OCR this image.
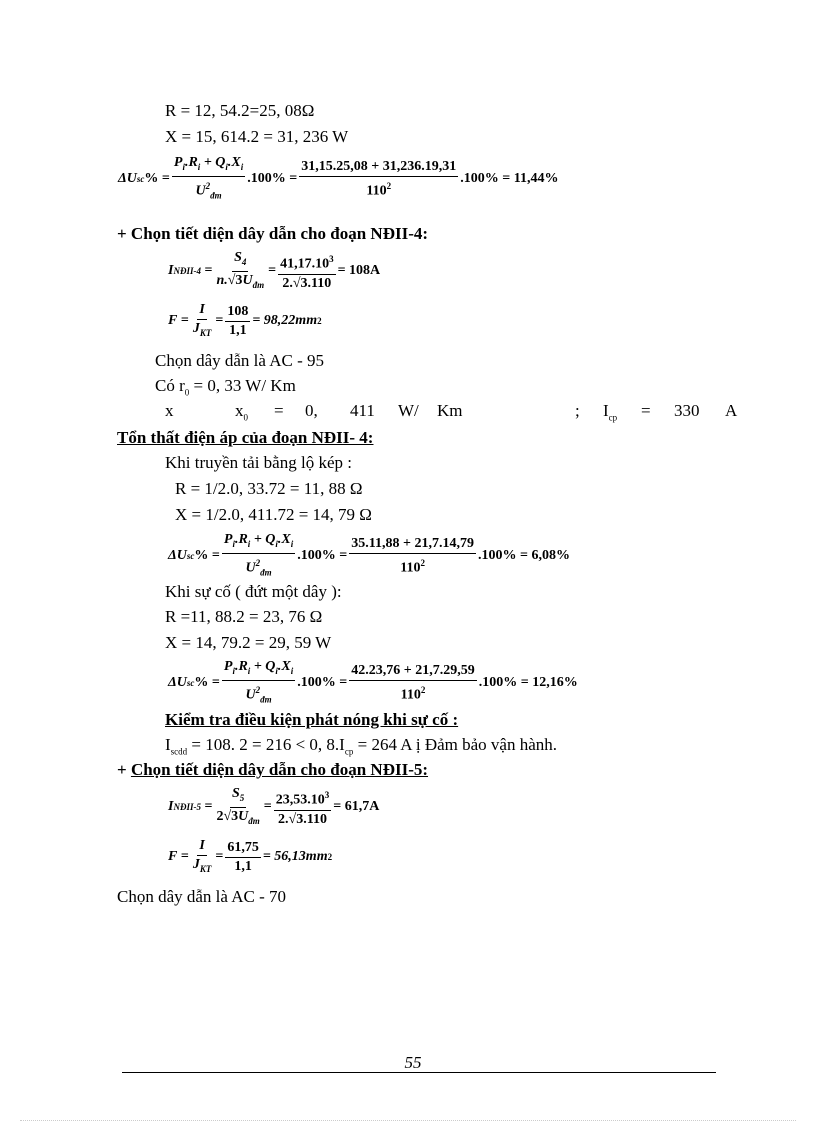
R = 12, 54.2=25, 08Ω
X = 15, 614.2 = 31, 236 W
ΔU sc % = $\frac{P_i.R_i + Q_i.X_i}{U^2_{đm}} .100\% = \frac{31,15.25,08 + 31,236.19,31}{110^2} .100\% = 11,44\%$
+ Chọn tiết diện dây dẫn cho đoạn NĐII-4:
I NĐII-4
= $\frac{S_4}{n.√3U_{đm}} = \frac{41,17.10^3}{2.√3.110} = 108A$
F
= $\frac{I}{J_{KT}} = \frac{108}{1,1} = 98,22mm$ 2
Chọn dây dẫn là AC - 95
Có $r_0 = 0$, 33 W/ Km
x	$x_0 = 0$, 411 W/ Km	; $I_{cp} = 330$ A
Tổn thất điện áp của đoạn NĐII- 4:
Khi truyền tải bằng lộ kép :
R = 1/2.0, 33.72 = 11, 88 Ω
X = 1/2.0, 411.72 = 14, 79 Ω
ΔU sc % = $\frac{P_i.R_i + Q_i.X_i}{U^2_{đm}} .100\% = \frac{35.11,88 + 21,7.14,79}{110^2} .100\% = 6,08\%$
Khi sự cố ( đứt một dây ):
R =11, 88.2 = 23, 76 Ω
X = 14, 79.2 = 29, 59 W
ΔU sc % = $\frac{P_i.R_i + Q_i.X_i}{U^2_{đm}} .100\% = \frac{42.23,76 + 21,7.29,59}{110^2} .100\% = 12,16\%$
Kiểm tra điều kiện phát nóng khi sự cố :
$I_{scdd} = 108$. 2 = 216 < 0, $8.I_{cp} = 264$ A ị Đảm bảo vận hành.
+ Chọn tiết diện dây dẫn cho đoạn NĐII-5:
I NĐII-5
= $\frac{S_5}{2√3U_{đm}} = \frac{23,53.10^3}{2.√3.110} = 61,7A$
F
= $\frac{I}{J_{KT}} = \frac{61,75}{1,1} = 56,13mm$ 2
Chọn dây dẫn là AC - 70
55
